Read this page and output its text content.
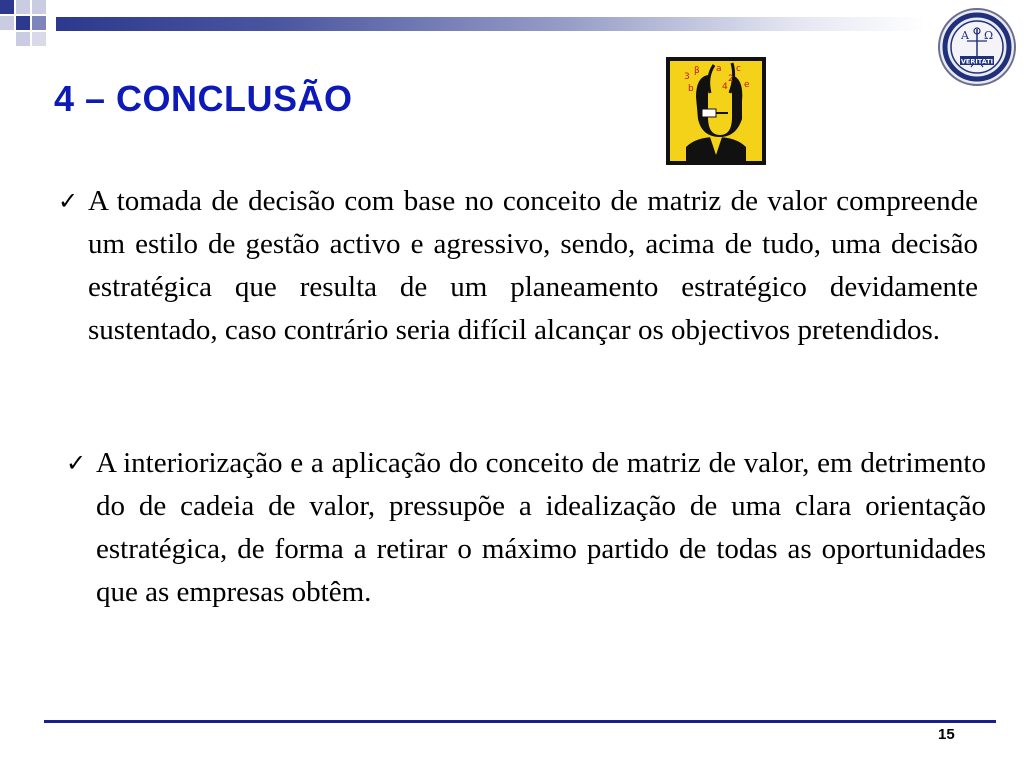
A Ω
VERITATI
4 – CONCLUSÃO
3
β a
2
c
b	4 e
✓ A tomada de decisão com base no conceito de matriz de valor compreende um estilo de gestão activo e agressivo, sendo, acima de tudo, uma decisão estratégica que resulta de um planeamento estratégico devidamente sustentado, caso contrário seria difícil alcançar os objectivos pretendidos.
✓ A interiorização e a aplicação do conceito de matriz de valor, em detrimento do de cadeia de valor, pressupõe a idealização de uma clara orientação estratégica, de forma a retirar o máximo partido de todas as oportunidades que as empresas obtêm.
15
